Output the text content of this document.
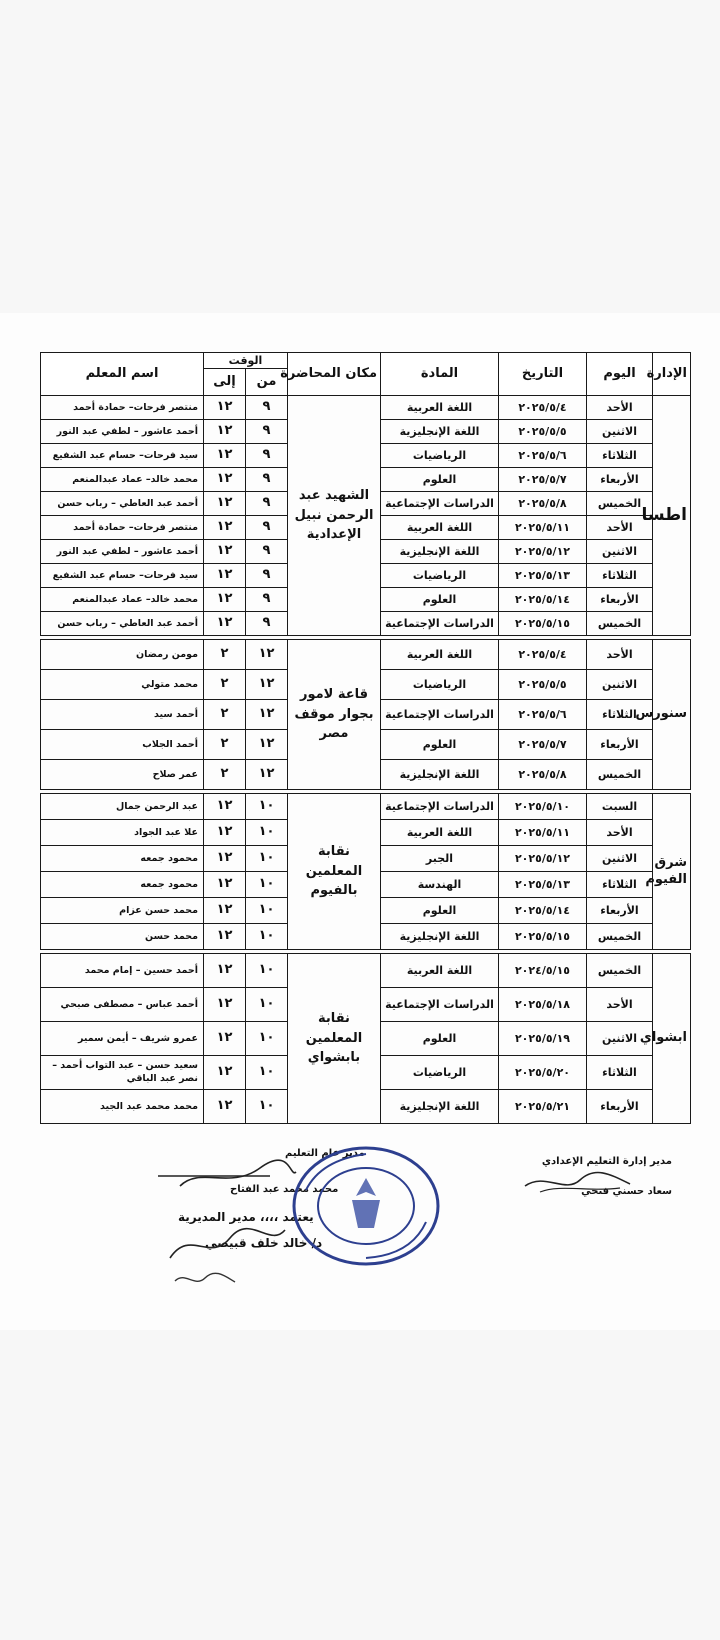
الإدارة	اليوم	التاريخ	المادة	مكان المحاضرة	الوقت		اسم المعلم
					من	إلى	
اطسا	الأحد	٢٠٢٥/٥/٤	اللغة العربية	الشهيد عبد الرحمن نبيل الإعدادية	٩	١٢	منتصر فرحات– حمادة أحمد
	الاثنين	٢٠٢٥/٥/٥	اللغة الإنجليزية		٩	١٢	أحمد عاشور – لطفي عبد النور
	الثلاثاء	٢٠٢٥/٥/٦	الرياضيات		٩	١٢	سيد فرحات– حسام عبد الشفيع
	الأربعاء	٢٠٢٥/٥/٧	العلوم		٩	١٢	محمد خالد– عماد عبدالمنعم
	الخميس	٢٠٢٥/٥/٨	الدراسات الإجتماعية		٩	١٢	أحمد عبد العاطي – رباب حسن
	الأحد	٢٠٢٥/٥/١١	اللغة العربية		٩	١٢	منتصر فرحات– حمادة أحمد
	الاثنين	٢٠٢٥/٥/١٢	اللغة الإنجليزية		٩	١٢	أحمد عاشور – لطفي عبد النور
	الثلاثاء	٢٠٢٥/٥/١٣	الرياضيات		٩	١٢	سيد فرحات– حسام عبد الشفيع
	الأربعاء	٢٠٢٥/٥/١٤	العلوم		٩	١٢	محمد خالد– عماد عبدالمنعم
	الخميس	٢٠٢٥/٥/١٥	الدراسات الإجتماعية		٩	١٢	أحمد عبد العاطي – رباب حسن

سنورس	الأحد	٢٠٢٥/٥/٤	اللغة العربية	قاعة لامور بجوار موقف مصر	١٢	٢	مومن رمضان
	الاثنين	٢٠٢٥/٥/٥	الرياضيات		١٢	٢	محمد متولي
	الثلاثاء	٢٠٢٥/٥/٦	الدراسات الإجتماعية		١٢	٢	أحمد سيد
	الأربعاء	٢٠٢٥/٥/٧	العلوم		١٢	٢	أحمد الجلاب
	الخميس	٢٠٢٥/٥/٨	اللغة الإنجليزية		١٢	٢	عمر صلاح

شرق الفيوم	السبت	٢٠٢٥/٥/١٠	الدراسات الإجتماعية	نقابة المعلمين بالفيوم	١٠	١٢	عبد الرحمن جمال
	الأحد	٢٠٢٥/٥/١١	اللغة العربية		١٠	١٢	علا عبد الجواد
	الاثنين	٢٠٢٥/٥/١٢	الجبر		١٠	١٢	محمود جمعه
	الثلاثاء	٢٠٢٥/٥/١٣	الهندسة		١٠	١٢	محمود جمعه
	الأربعاء	٢٠٢٥/٥/١٤	العلوم		١٠	١٢	محمد حسن عزام
	الخميس	٢٠٢٥/٥/١٥	اللغة الإنجليزية		١٠	١٢	محمد حسن

ابشواي	الخميس	٢٠٢٤/٥/١٥	اللغة العربية	نقابة المعلمين بابشواي	١٠	١٢	أحمد حسين – إمام محمد
	الأحد	٢٠٢٥/٥/١٨	الدراسات الإجتماعية		١٠	١٢	أحمد عباس – مصطفى صبحي
	الاثنين	٢٠٢٥/٥/١٩	العلوم		١٠	١٢	عمرو شريف – أيمن سمير
	الثلاثاء	٢٠٢٥/٥/٢٠	الرياضيات		١٠	١٢	سعيد حسن – عبد التواب أحمد – نصر عبد الباقي
	الأربعاء	٢٠٢٥/٥/٢١	اللغة الإنجليزية		١٠	١٢	محمد محمد عبد الجيد
مدير إدارة التعليم الإعدادي
سعاد حسني فتحي
مدير عام التعليم
محمد محمد عبد الفتاح
يعتمد ،،،، مدير المديرية
د/ خالد خلف قبيصي
